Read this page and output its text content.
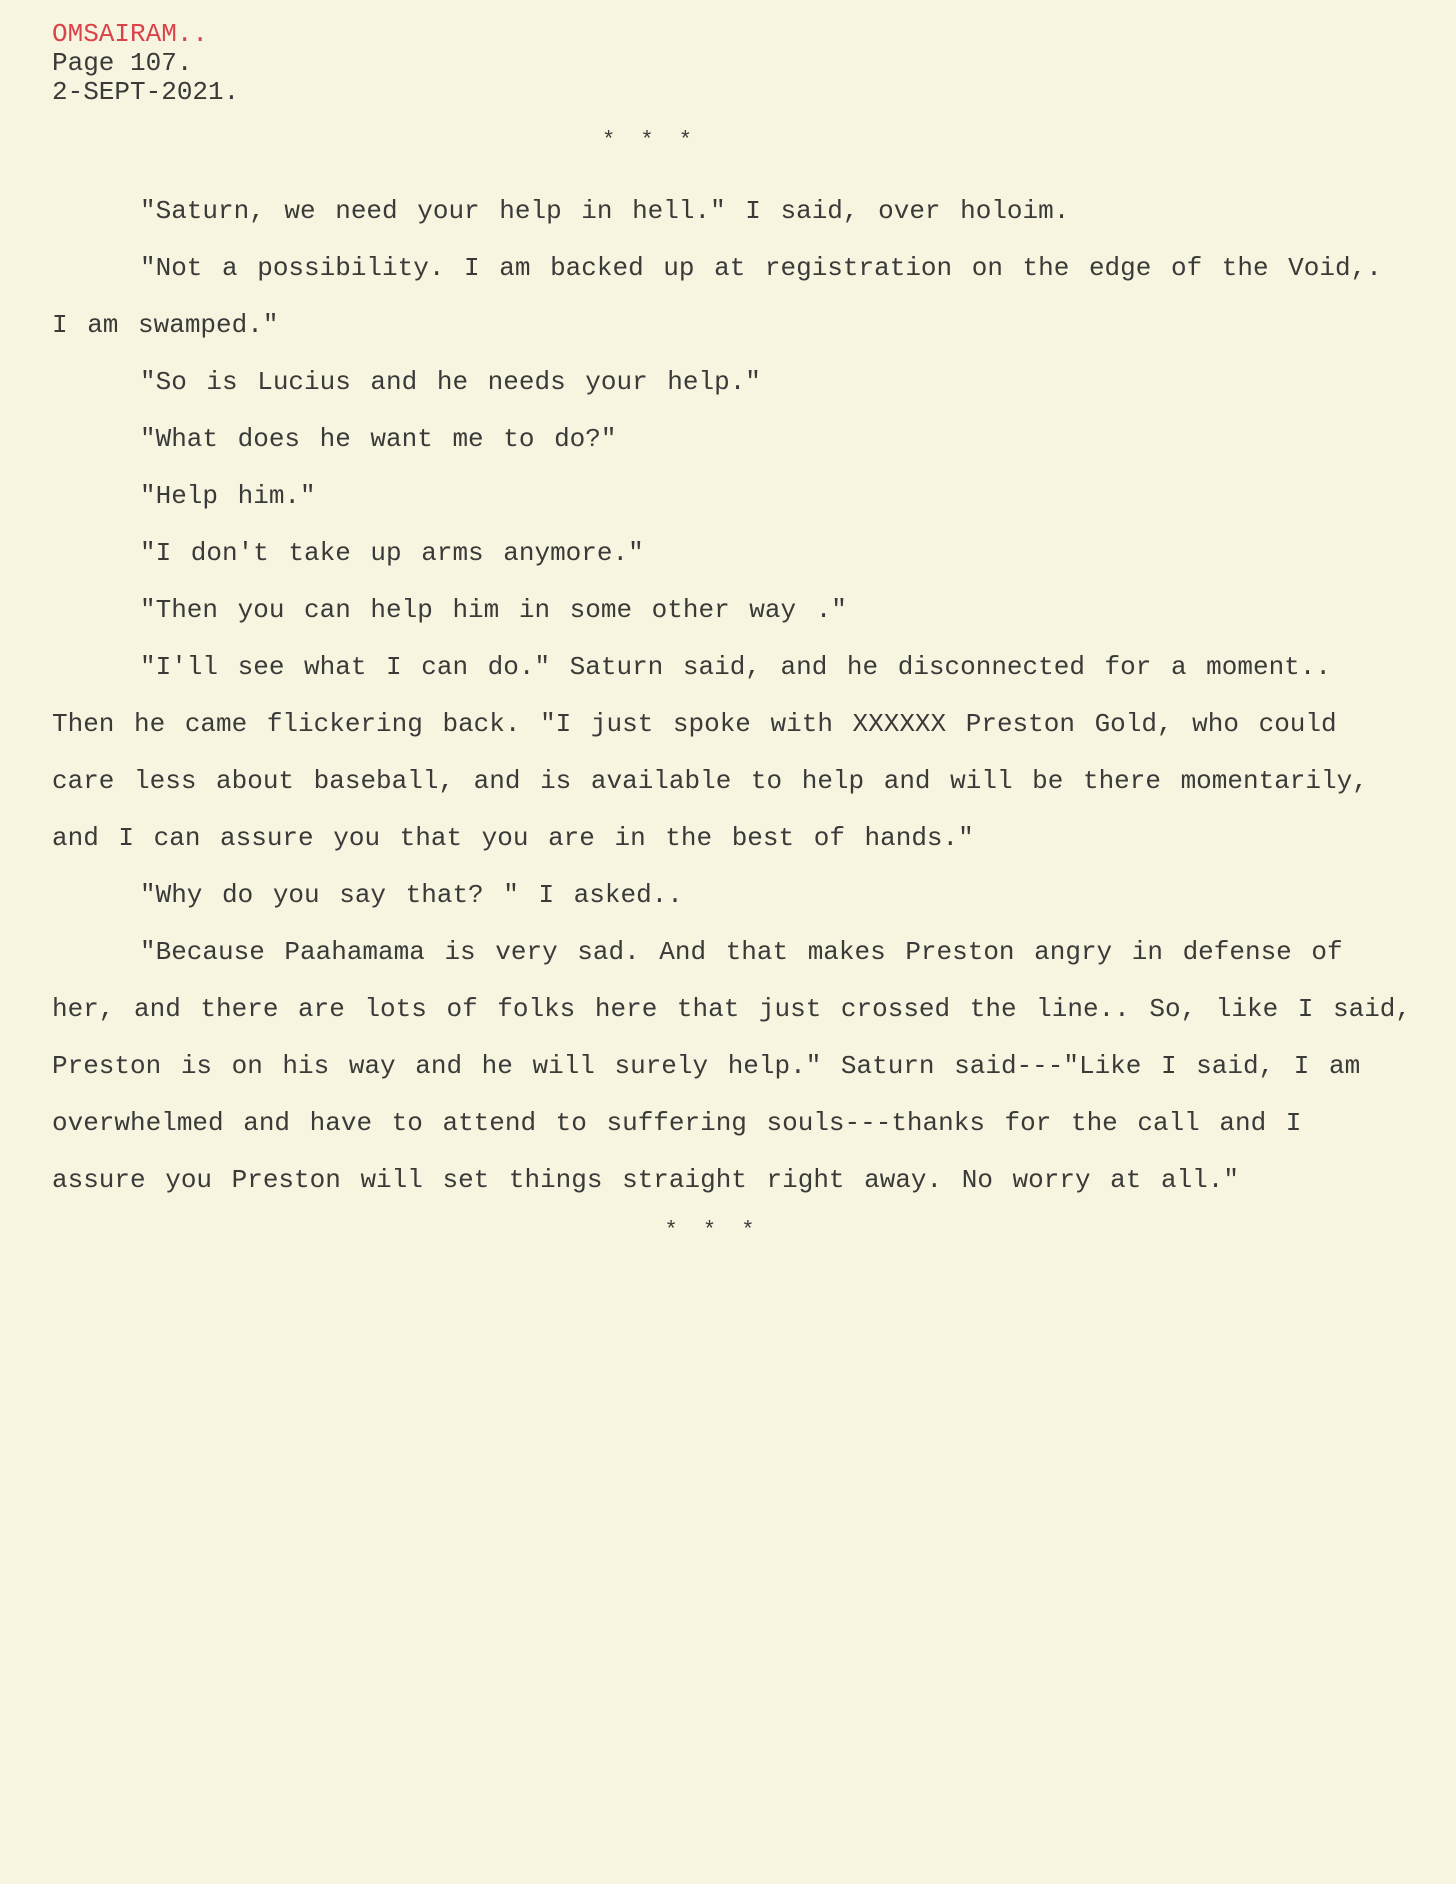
OMSAIRAM..
Page 107.
2-SEPT-2021.
* * *
"Saturn, we need your help in hell." I said, over holoim.
"Not a possibility. I am backed up at registration on the edge of the Void,.
I am swamped."
"So is Lucius and he needs your help."
"What does he want me to do?"
"Help him."
"I don't take up arms anymore."
"Then you can help him in some other way ."
"I'll see what I can do." Saturn said, and he disconnected for a moment..
Then he came flickering back. "I just spoke with XXXXXX Preston Gold, who could
care less about baseball, and is available to help and will be there momentarily,
and I can assure you that you are in the best of hands."
"Why do you say that? " I asked..
"Because Paahamama is very sad. And that makes Preston angry in defense of
her, and there are lots of folks here that just crossed the line.. So, like I said,
Preston is on his way and he will surely help." Saturn said---"Like I said, I am
overwhelmed and have to attend to suffering souls---thanks for the call and I
assure you Preston will set things straight right away. No worry at all."
* * *
